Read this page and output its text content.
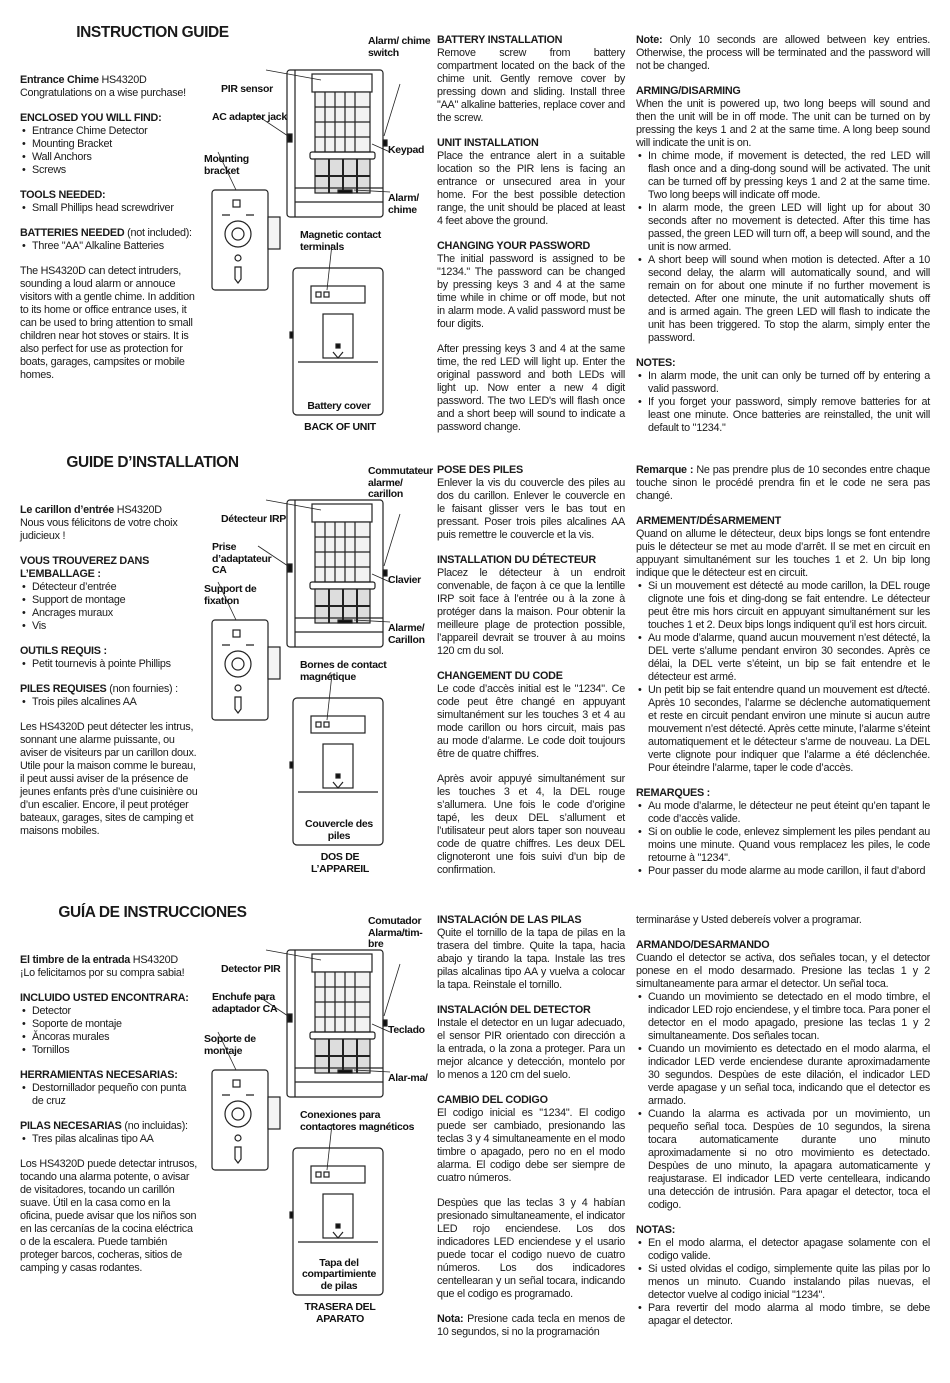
INSTRUCTION GUIDE
Entrance Chime HS4320D

Congratulations on a wise purchase!

ENCLOSED YOU WILL FIND:
• Entrance Chime Detector
• Mounting Bracket
• Wall Anchors
• Screws
TOOLS NEEDED:
• Small Phillips head screwdriver
BATTERIES NEEDED (not included):
• Three "AA" Alkaline Batteries

The HS4320D can detect intruders, sounding a loud alarm or annouce visitors with a gentle chime. In addition to its home or office entrance uses, it can be used to bring attention to small children near hot stoves or stairs. It is also perfect for use as protection for boats, garages, campsites or mobile homes.

PIR sensor
AC adapter jack
Mounting bracket
Alarm/ chime switch
Keypad
Alarm/ chime
Magnetic contact terminals
Battery cover
BACK OF UNIT
BATTERY INSTALLATION

Remove screw from battery compartment located on the back of the chime unit. Gently remove cover by pressing down and sliding. Install three "AA" alkaline batteries, replace cover and the screw.

UNIT INSTALLATION

Place the entrance alert in a suitable location so the PIR lens is facing an entrance or unsecured area in your home. For the best possible detection range, the unit should be placed at least 4 feet above the ground.

CHANGING YOUR PASSWORD

The initial password is assigned to be "1234." The password can be changed by pressing keys 3 and 4 at the same time while in chime or off mode, but not in alarm mode. A valid password must be four digits.

After pressing keys 3 and 4 at the same time, the red LED will light up. Enter the original password and both LEDs will light up. Now enter a new 4 digit password. The two LED's will flash once and a short beep will sound to indicate a password change.

Note: Only 10 seconds are allowed between key entries. Otherwise, the process will be terminated and the password will not be changed.
ARMING/DISARMING

When the unit is powered up, two long beeps will sound and then the unit will be in off mode. The unit can be turned on by pressing the keys 1 and 2 at the same time. A long beep sound will indicate the unit is on.

• In chime mode, if movement is detected, the red LED will flash once and a ding-dong sound will be activated. The unit can be turned off by pressing keys 1 and 2 at the same time. Two long beeps will indicate off mode.
• In alarm mode, the green LED will light up for about 30 seconds after no movement is detected. After this time has passed, the green LED will turn off, a beep will sound, and the unit is now armed.
• A short beep will sound when motion is detected. After a 10 second delay, the alarm will automatically sound, and will remain on for about one minute if no further movement is detected. After one minute, the unit automatically shuts off and is armed again. The green LED will flash to indicate the unit has been triggered. To stop the alarm, simply enter the password.
NOTES:
• In alarm mode, the unit can only be turned off by entering a valid password.
• If you forget your password, simply remove batteries for at least one minute. Once batteries are reinstalled, the unit will default to "1234."
GUIDE D’INSTALLATION
Le carillon d’entrée HS4320D

Nous vous félicitons de votre choix judicieux !

VOUS TROUVEREZ DANS L’EMBALLAGE :
• Détecteur d’entrée
• Support de montage
• Ancrages muraux
• Vis
OUTILS REQUIS :
• Petit tournevis à pointe Phillips
PILES REQUISES (non fournies) :
• Trois piles alcalines AA

Les HS4320D peut détecter les intrus, sonnant une alarme puissante, ou aviser de visiteurs par un carillon doux. Utile pour la maison comme le bureau, il peut aussi aviser de la présence de jeunes enfants près d’une cuisinière ou d’un escalier. Encore, il peut protéger bateaux, garages, sites de camping et maisons mobiles.

Détecteur IRP
Prise d’adaptateur CA
Support de fixation
Commutateur alarme/ carillon
Clavier
Alarme/ Carillon
Bornes de contact magnétique
Couvercle des piles
DOS DE L’APPAREIL
POSE DES PILES

Enlever la vis du couvercle des piles au dos du carillon. Enlever le couvercle en le faisant glisser vers le bas tout en pressant. Poser trois piles alcalines AA puis remettre le couvercle et la vis.

INSTALLATION DU DÉTECTEUR

Placez le détecteur à un endroit convenable, de façon à ce que la lentille IRP soit face à l’entrée ou à la zone à protéger dans la maison. Pour obtenir la meilleure plage de protection possible, l’appareil devrait se trouver à au moins 120 cm du sol.

CHANGEMENT DU CODE

Le code d’accès initial est le "1234". Ce code peut être changé en appuyant simultanément sur les touches 3 et 4 au mode carillon ou hors circuit, mais pas au mode d’alarme. Le code doit toujours être de quatre chiffres.

Après avoir appuyé simultanément sur les touches 3 et 4, la DEL rouge s’allumera. Une fois le code d’origine tapé, les deux DEL s’allument et l’utilisateur peut alors taper son nouveau code de quatre chiffres. Les deux DEL clignoteront une fois suivi d’un bip de confirmation.

Remarque : Ne pas prendre plus de 10 secondes entre chaque touche sinon le procédé prendra fin et le code ne sera pas changé.
ARMEMENT/DÉSARMEMENT

Quand on allume le détecteur, deux bips longs se font entendre puis le détecteur se met au mode d’arrêt. Il se met en circuit en appuyant simultanément sur les touches 1 et 2. Un bip long indique que le détecteur est en circuit.

• Si un mouvement est détecté au mode carillon, la DEL rouge clignote une fois et ding-dong se fait entendre. Le détecteur peut être mis hors circuit en appuyant simultanément sur les touches 1 et 2. Deux bips longs indiquent qu’il est hors circuit.
• Au mode d’alarme, quand aucun mouvement n’est détecté, la DEL verte s’allume pendant environ 30 secondes. Après ce délai, la DEL verte s’éteint, un bip se fait entendre et le détecteur est armé.
• Un petit bip se fait entendre quand un mouvement est d/tecté. Après 10 secondes, l’alarme se déclenche automatiquement et reste en circuit pendant environ une minute si aucun autre mouvement n’est détecté. Après cette minute, l’alarme s’éteint automatiquement et le détecteur s’arme de nouveau. La DEL verte clignote pour indiquer que l’alarme a été déclenchée. Pour éteindre l’alarme, taper le code d’accès.
REMARQUES :
• Au mode d’alarme, le détecteur ne peut éteint qu’en tapant le code d’accès valide.
• Si on oublie le code, enlevez simplement les piles pendant au moins une minute. Quand vous remplacez les piles, le code retourne à "1234".
• Pour passer du mode alarme au mode carillon, il faut d’abord
GUÍA DE INSTRUCCIONES
El timbre de la entrada HS4320D

¡Lo felicitamos por su compra sabia!

INCLUIDO USTED ENCONTRARA:
• Detector
• Soporte de montaje
• Ăncoras murales
• Tornillos
HERRAMIENTAS NECESARIAS:
• Destornillador pequeño con punta de cruz
PILAS NECESARIAS (no incluidas):
• Tres pilas alcalinas tipo AA

Los HS4320D puede detectar intrusos, tocando una alarma potente, o avisar de visitadores, tocando un carillón suave. Útil en la casa como en la oficina, puede avisar que los niños son en las cercanías de la cocina eléctrica o de la escalera. Puede también proteger barcos, cocheras, sitios de camping y casas rodantes.

Detector PIR
Enchufe para adaptador CA
Soporte de montaje
Comutador Alarma/tim-bre
Teclado
Alar-ma/
Conexiones para contactores magnéticos
Tapa del compartimiente de pilas
TRASERA DEL APARATO
INSTALACIÓN DE LAS PILAS

Quite el tornillo de la tapa de pilas en la trasera del timbre. Quite la tapa, hacia abajo y tirando la tapa. Instale las tres pilas alcalinas tipo AA y vuelva a colocar la tapa. Reinstale el tornillo.

INSTALACIÓN DEL DETECTOR

Instale el detector en un lugar adecuado, el sensor PIR orientado con dirección a la entrada, o la zona a proteger. Para un mejor alcance y detección, montelo por lo menos a 120 cm del suelo.

CAMBIO DEL CODIGO

El codigo inicial es "1234". El codigo puede ser cambiado, presionando las teclas 3 y 4 simultaneamente en el modo timbre o apagado, pero no en el modo alarma. El codigo debe ser siempre de cuatro números.

Despùes que las teclas 3 y 4 habían presionado simultaneamente, el indicator LED rojo enciendese. Los dos indicadores LED enciendese y el usario puede tocar el codigo nuevo de cuatro números. Los dos indicadores centellearan y un señal tocara, indicando que el codigo es programado.

Nota: Presione cada tecla en menos de 10 segundos, si no la programación

terminaráse y Usted debereís volver a programar.

ARMANDO/DESARMANDO

Cuando el detector se activa, dos señales tocan, y el detector ponese en el modo desarmado. Presione las teclas 1 y 2 simultaneamente para armar el detector. Un señal toca.

• Cuando un movimiento se detectado en el modo timbre, el indicador LED rojo enciendese, y el timbre toca. Para poner el detector en el modo apagado, presione las teclas 1 y 2 simultaneamente. Dos señales tocan.
• Cuando un movimiento es detectado en el modo alarma, el indicador LED verde enciendese durante aproximadamente 30 segundos. Despùes de este dilación, el indicador LED verde apagase y un señal toca, indicando que el detector es armado.
• Cuando la alarma es activada por un movimiento, un pequeño señal toca. Despùes de 10 segundos, la sirena tocara automaticamente durante uno minuto aproximadamente si no otro movimiento es detectado. Despùes de uno minuto, la apagara automaticamente y reajustarase. El indicador LED verte centelleara, indicando una detección de intrusión. Para apagar el detector, toca el codigo.
NOTAS:
• En el modo alarma, el detector apagase solamente con el codigo valide.
• Si usted olvidas el codigo, simplemente quite las pilas por lo menos un minuto. Cuando instalando pilas nuevas, el detector vuelve al codigo inicial "1234".
• Para revertir del modo alarma al modo timbre, se debe apagar el detector.
